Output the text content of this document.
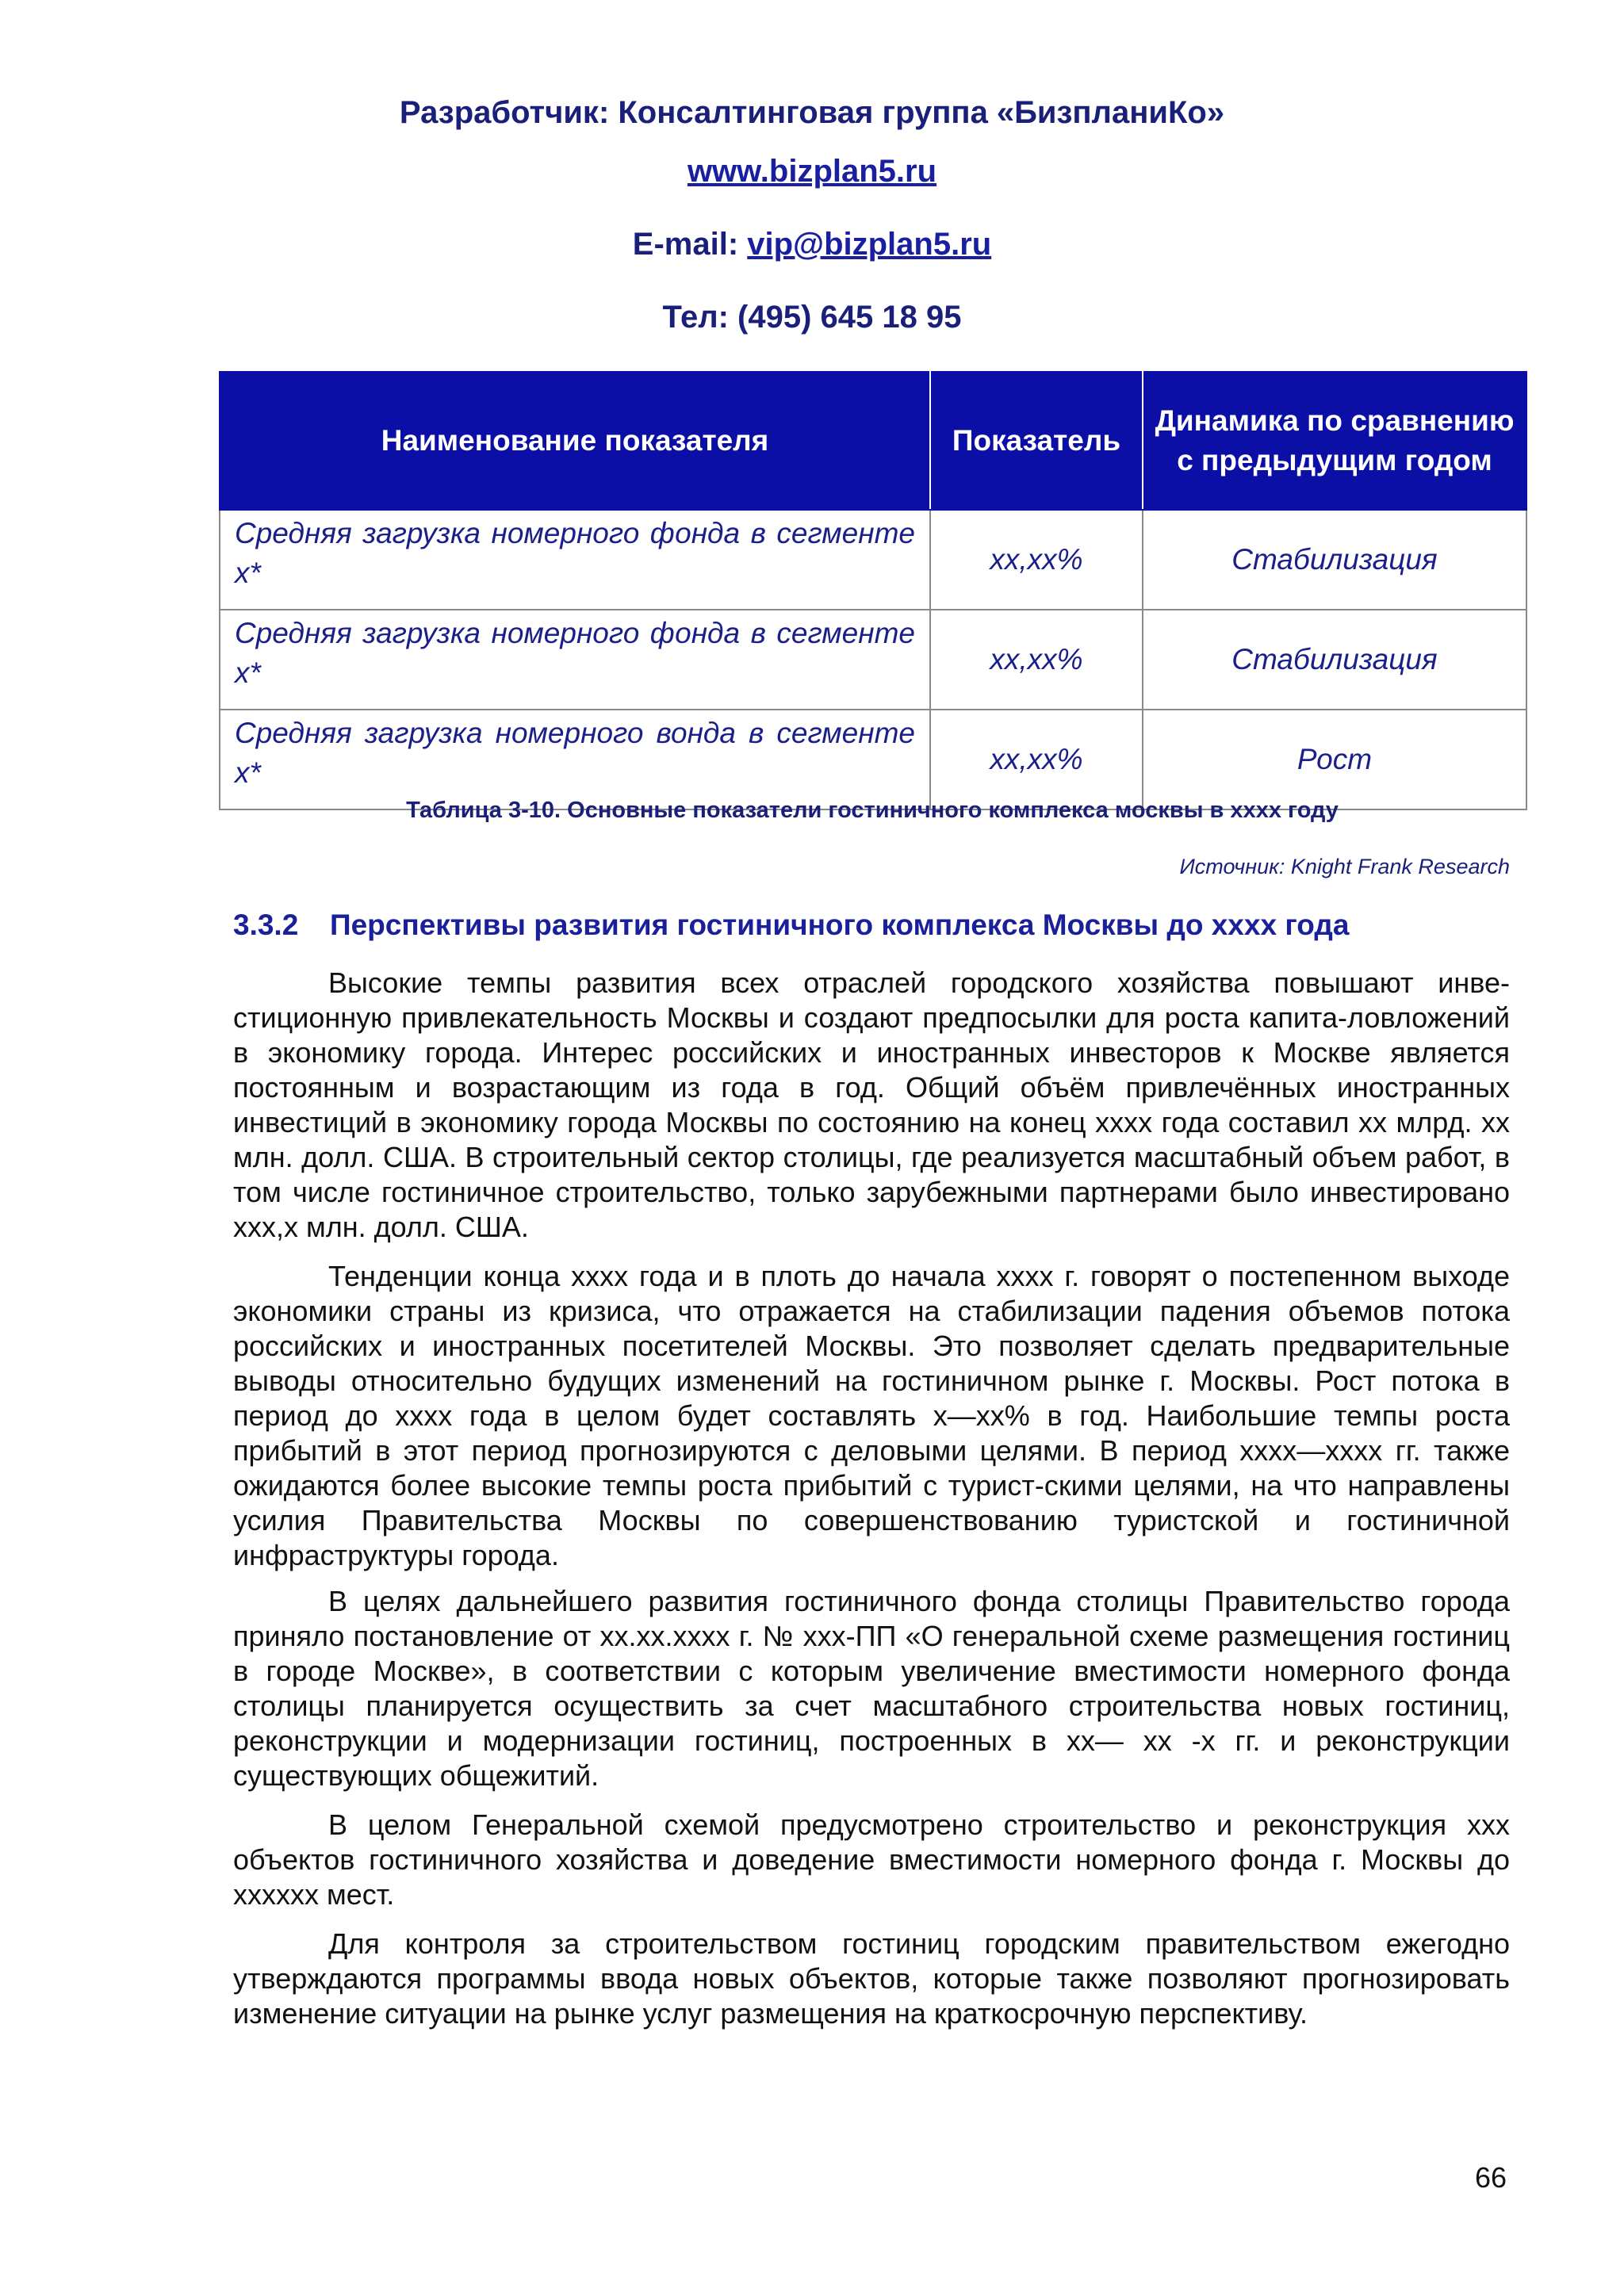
Разработчик: Консалтинговая группа «БизпланиКо»
www.bizplan5.ru
E-mail: vip@bizplan5.ru
Тел: (495) 645 18 95
Наименование показателя	Показатель	Динамика по сравнению с предыдущим годом
Средняя загрузка номерного фонда в сегменте х*	хх,хх%	Стабилизация
Средняя загрузка номерного фонда в сегменте х*	хх,хх%	Стабилизация
Средняя загрузка номерного вонда в сегменте х*	хх,хх%	Рост
Таблица 3-10. Основные показатели гостиничного комплекса москвы в хххх году
Источник: Knight Frank Research
3.3.2 Перспективы развития гостиничного комплекса Москвы до хххх года

Высокие темпы развития всех отраслей городского хозяйства повышают инве-стиционную привлекательность Москвы и создают предпосылки для роста капита-ловложений в экономику города. Интерес российских и иностранных инвесторов к Москве является постоянным и возрастающим из года в год. Общий объём привлечённых иностранных инвестиций в экономику города Москвы по состоянию на конец хххх года составил хх млрд. хх млн. долл. США. В строительный сектор столицы, где реализуется масштабный объем работ, в том числе гостиничное строительство, только зарубежными партнерами было инвестировано ххх,х млн. долл. США.

Тенденции конца хххх года и в плоть до начала хххх г. говорят о постепенном выходе экономики страны из кризиса, что отражается на стабилизации падения объемов потока российских и иностранных посетителей Москвы. Это позволяет сделать предварительные выводы относительно будущих изменений на гостиничном рынке г. Москвы. Рост потока в период до хххх года в целом будет составлять х—хх% в год. Наибольшие темпы роста прибытий в этот период прогнозируются с деловыми целями. В период хххх—хххх гг. также ожидаются более высокие темпы роста прибытий с турист-скими целями, на что направлены усилия Правительства Москвы по совершенствованию туристской и гостиничной инфраструктуры города.

В целях дальнейшего развития гостиничного фонда столицы Правительство города приняло постановление от хх.хх.хххх г. № ххх-ПП «О генеральной схеме размещения гостиниц в городе Москве», в соответствии с которым увеличение вместимости номерного фонда столицы планируется осуществить за счет масштабного строительства новых гостиниц, реконструкции и модернизации гостиниц, построенных в хх— хх -х гг. и реконструкции существующих общежитий.

В целом Генеральной схемой предусмотрено строительство и реконструкция ххх объектов гостиничного хозяйства и доведение вместимости номерного фонда г. Москвы до хххххх мест.

Для контроля за строительством гостиниц городским правительством ежегодно утверждаются программы ввода новых объектов, которые также позволяют прогнозировать изменение ситуации на рынке услуг размещения на краткосрочную перспективу.

66
